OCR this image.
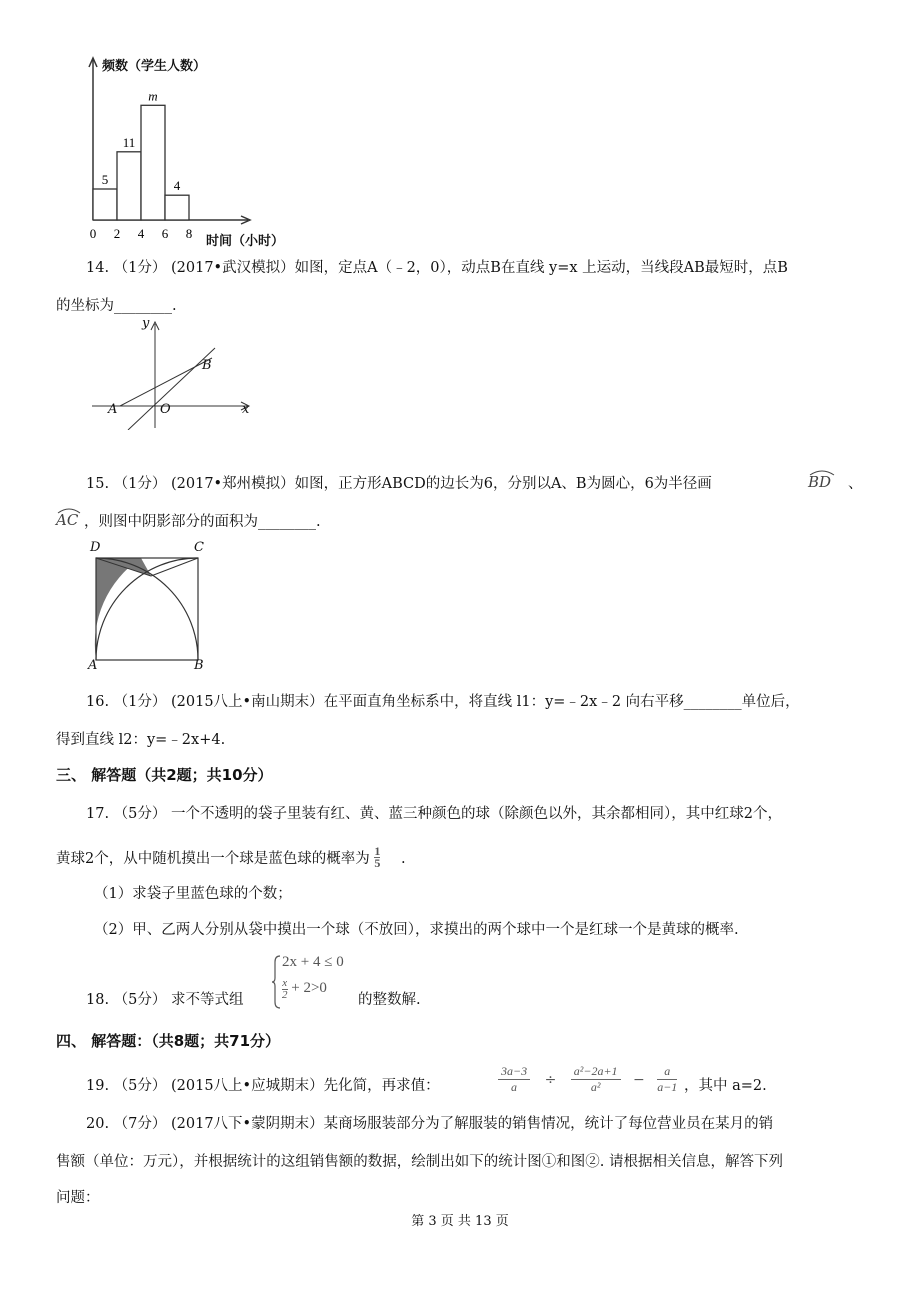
5
11
m
4
0 2 4 6 8
频数（学生人数）
时间（小时）
14. （1分） (2017•武汉模拟）如图，定点A（﹣2，0），动点B在直线 y=x 上运动，当线段AB最短时，点B
的坐标为________.
y
x
A	O
B
15. （1分） (2017•郑州模拟）如图，正方形ABCD的边长为6，分别以A、B为圆心，6为半径画	BD 、
AC ，则图中阴影部分的面积为________.
D	C
A	B
16. （1分） (2015八上•南山期末）在平面直角坐标系中，将直线 l1：y=﹣2x﹣2 向右平移________单位后，
得到直线 l2：y=﹣2x+4.
三、 解答题（共2题；共10分）
17. （5分） 一个不透明的袋子里装有红、黄、蓝三种颜色的球（除颜色以外，其余都相同），其中红球2个，
黄球2个，从中随机摸出一个球是蓝色球的概率为 $\frac{1}{5}$ .
（1）求袋子里蓝色球的个数；
（2）甲、乙两人分别从袋中摸出一个球（不放回），求摸出的两个球中一个是红球一个是黄球的概率.
18. （5分） 求不等式组
2x + 4 ≤ 0
$\frac{x}{2} + 2>0$
的整数解.
四、 解答题：（共8题；共71分）
19. （5分） (2015八上•应城期末）先化简，再求值：	$\frac{3a-3}{a} \div \frac{\text{a²−2a+1}}{\text{a²}} - \frac{a}{a-1}$ ，其中 a=2.
20. （7分） (2017八下•蒙阴期末）某商场服装部分为了解服装的销售情况，统计了每位营业员在某月的销
售额（单位：万元），并根据统计的这组销售额的数据，绘制出如下的统计图①和图②. 请根据相关信息，解答下列
问题：
第 3 页 共 13 页
